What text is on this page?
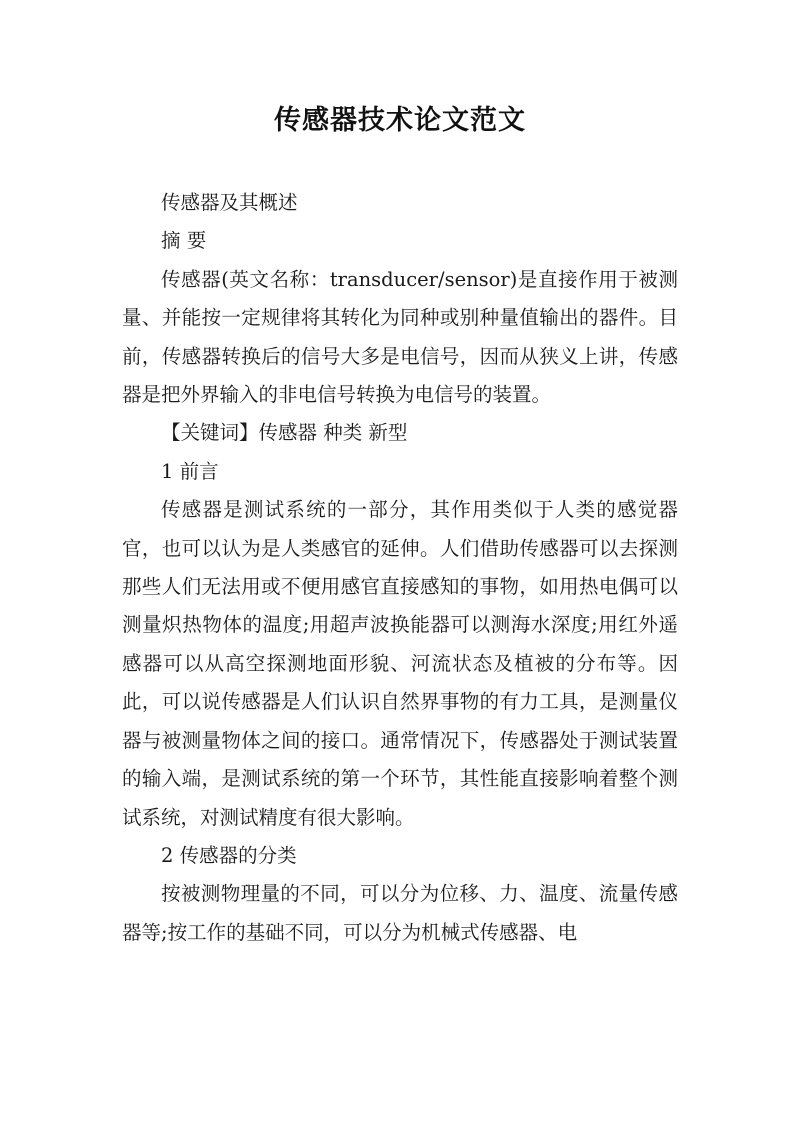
传感器技术论文范文

传感器及其概述

摘 要

传感器(英文名称：transducer/sensor)是直接作用于被测量、并能按一定规律将其转化为同种或别种量值输出的器件。目前，传感器转换后的信号大多是电信号，因而从狭义上讲，传感器是把外界输入的非电信号转换为电信号的装置。

【关键词】传感器 种类 新型

1 前言

传感器是测试系统的一部分，其作用类似于人类的感觉器官，也可以认为是人类感官的延伸。人们借助传感器可以去探测那些人们无法用或不便用感官直接感知的事物，如用热电偶可以测量炽热物体的温度;用超声波换能器可以测海水深度;用红外遥感器可以从高空探测地面形貌、河流状态及植被的分布等。因此，可以说传感器是人们认识自然界事物的有力工具，是测量仪器与被测量物体之间的接口。通常情况下，传感器处于测试装置的输入端，是测试系统的第一个环节，其性能直接影响着整个测试系统，对测试精度有很大影响。

2 传感器的分类

按被测物理量的不同，可以分为位移、力、温度、流量传感器等;按工作的基础不同，可以分为机械式传感器、电
